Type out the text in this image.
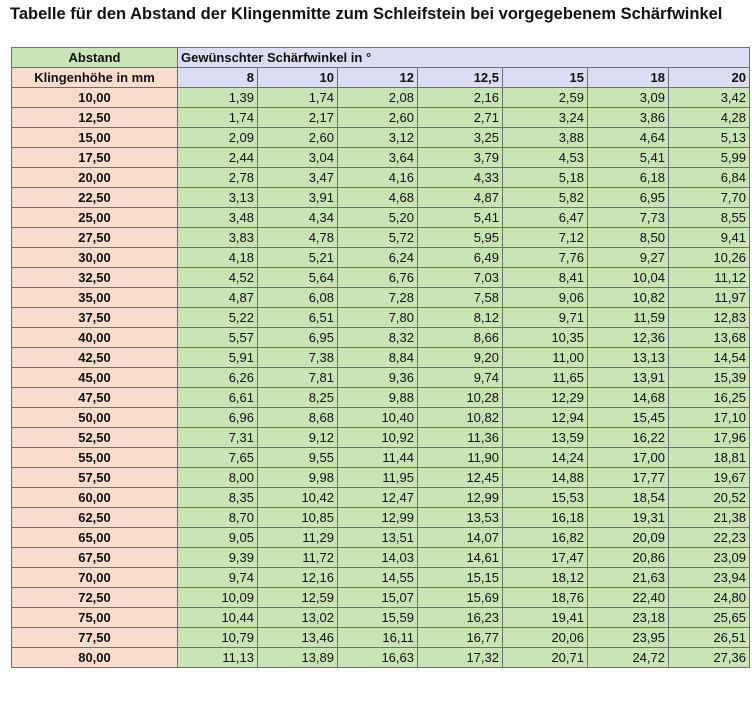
Tabelle für den Abstand der Klingenmitte zum Schleifstein bei vorgegebenem Schärfwinkel
Abstand	Gewünschter Schärfwinkel in °						
Klingenhöhe in mm	8	10	12	12,5	15	18	20
10,00	1,39	1,74	2,08	2,16	2,59	3,09	3,42
12,50	1,74	2,17	2,60	2,71	3,24	3,86	4,28
15,00	2,09	2,60	3,12	3,25	3,88	4,64	5,13
17,50	2,44	3,04	3,64	3,79	4,53	5,41	5,99
20,00	2,78	3,47	4,16	4,33	5,18	6,18	6,84
22,50	3,13	3,91	4,68	4,87	5,82	6,95	7,70
25,00	3,48	4,34	5,20	5,41	6,47	7,73	8,55
27,50	3,83	4,78	5,72	5,95	7,12	8,50	9,41
30,00	4,18	5,21	6,24	6,49	7,76	9,27	10,26
32,50	4,52	5,64	6,76	7,03	8,41	10,04	11,12
35,00	4,87	6,08	7,28	7,58	9,06	10,82	11,97
37,50	5,22	6,51	7,80	8,12	9,71	11,59	12,83
40,00	5,57	6,95	8,32	8,66	10,35	12,36	13,68
42,50	5,91	7,38	8,84	9,20	11,00	13,13	14,54
45,00	6,26	7,81	9,36	9,74	11,65	13,91	15,39
47,50	6,61	8,25	9,88	10,28	12,29	14,68	16,25
50,00	6,96	8,68	10,40	10,82	12,94	15,45	17,10
52,50	7,31	9,12	10,92	11,36	13,59	16,22	17,96
55,00	7,65	9,55	11,44	11,90	14,24	17,00	18,81
57,50	8,00	9,98	11,95	12,45	14,88	17,77	19,67
60,00	8,35	10,42	12,47	12,99	15,53	18,54	20,52
62,50	8,70	10,85	12,99	13,53	16,18	19,31	21,38
65,00	9,05	11,29	13,51	14,07	16,82	20,09	22,23
67,50	9,39	11,72	14,03	14,61	17,47	20,86	23,09
70,00	9,74	12,16	14,55	15,15	18,12	21,63	23,94
72,50	10,09	12,59	15,07	15,69	18,76	22,40	24,80
75,00	10,44	13,02	15,59	16,23	19,41	23,18	25,65
77,50	10,79	13,46	16,11	16,77	20,06	23,95	26,51
80,00	11,13	13,89	16,63	17,32	20,71	24,72	27,36
